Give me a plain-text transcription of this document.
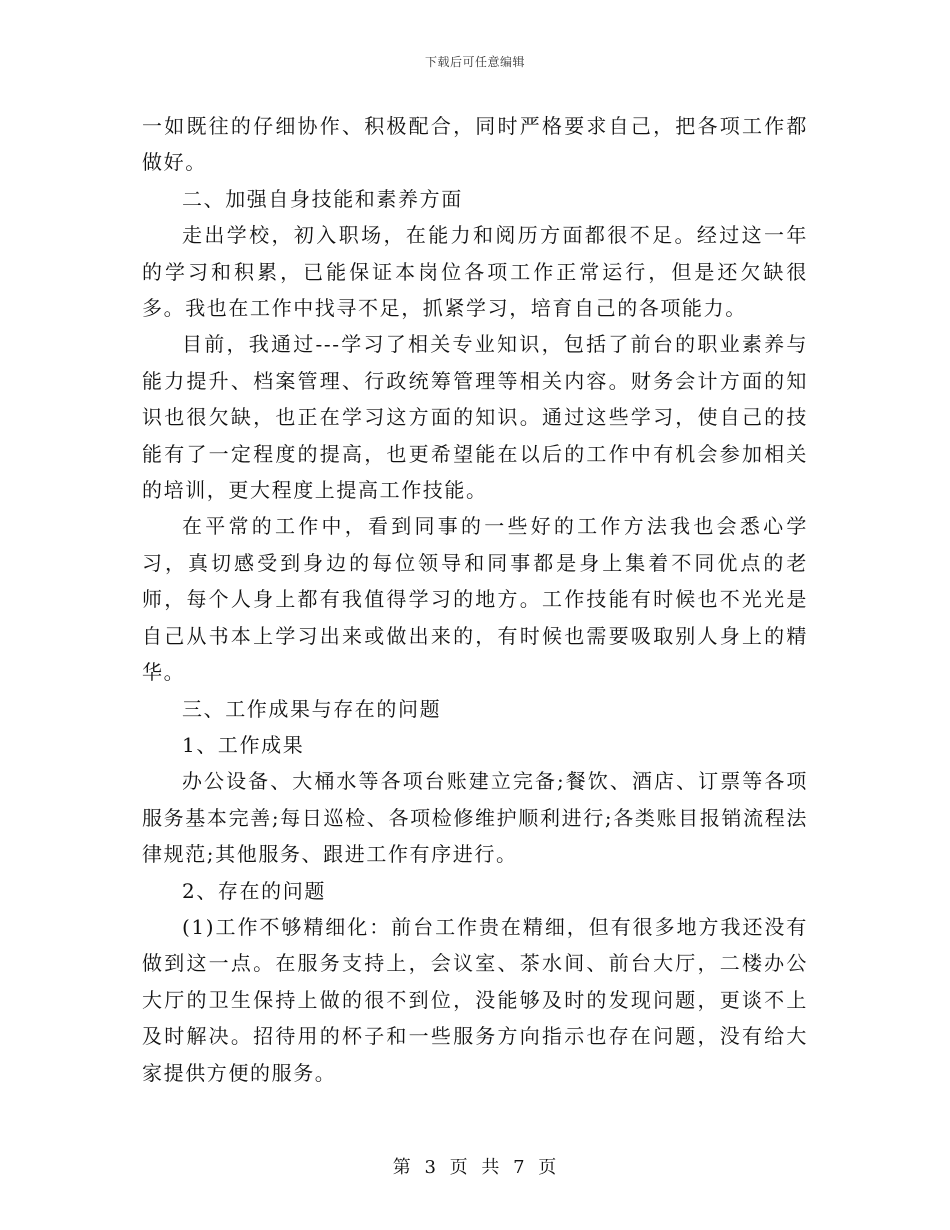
下载后可任意编辑

一如既往的仔细协作、积极配合，同时严格要求自己，把各项工作都做好。

二、加强自身技能和素养方面

走出学校，初入职场，在能力和阅历方面都很不足。经过这一年的学习和积累，已能保证本岗位各项工作正常运行，但是还欠缺很多。我也在工作中找寻不足，抓紧学习，培育自己的各项能力。

目前，我通过---学习了相关专业知识，包括了前台的职业素养与能力提升、档案管理、行政统筹管理等相关内容。财务会计方面的知识也很欠缺，也正在学习这方面的知识。通过这些学习，使自己的技能有了一定程度的提高，也更希望能在以后的工作中有机会参加相关的培训，更大程度上提高工作技能。

在平常的工作中，看到同事的一些好的工作方法我也会悉心学习，真切感受到身边的每位领导和同事都是身上集着不同优点的老师，每个人身上都有我值得学习的地方。工作技能有时候也不光光是自己从书本上学习出来或做出来的，有时候也需要吸取别人身上的精华。

三、工作成果与存在的问题

1、工作成果

办公设备、大桶水等各项台账建立完备;餐饮、酒店、订票等各项服务基本完善;每日巡检、各项检修维护顺利进行;各类账目报销流程法律规范;其他服务、跟进工作有序进行。

2、存在的问题

(1)工作不够精细化：前台工作贵在精细，但有很多地方我还没有做到这一点。在服务支持上，会议室、茶水间、前台大厅，二楼办公大厅的卫生保持上做的很不到位，没能够及时的发现问题，更谈不上及时解决。招待用的杯子和一些服务方向指示也存在问题，没有给大家提供方便的服务。

第 3 页 共 7 页
